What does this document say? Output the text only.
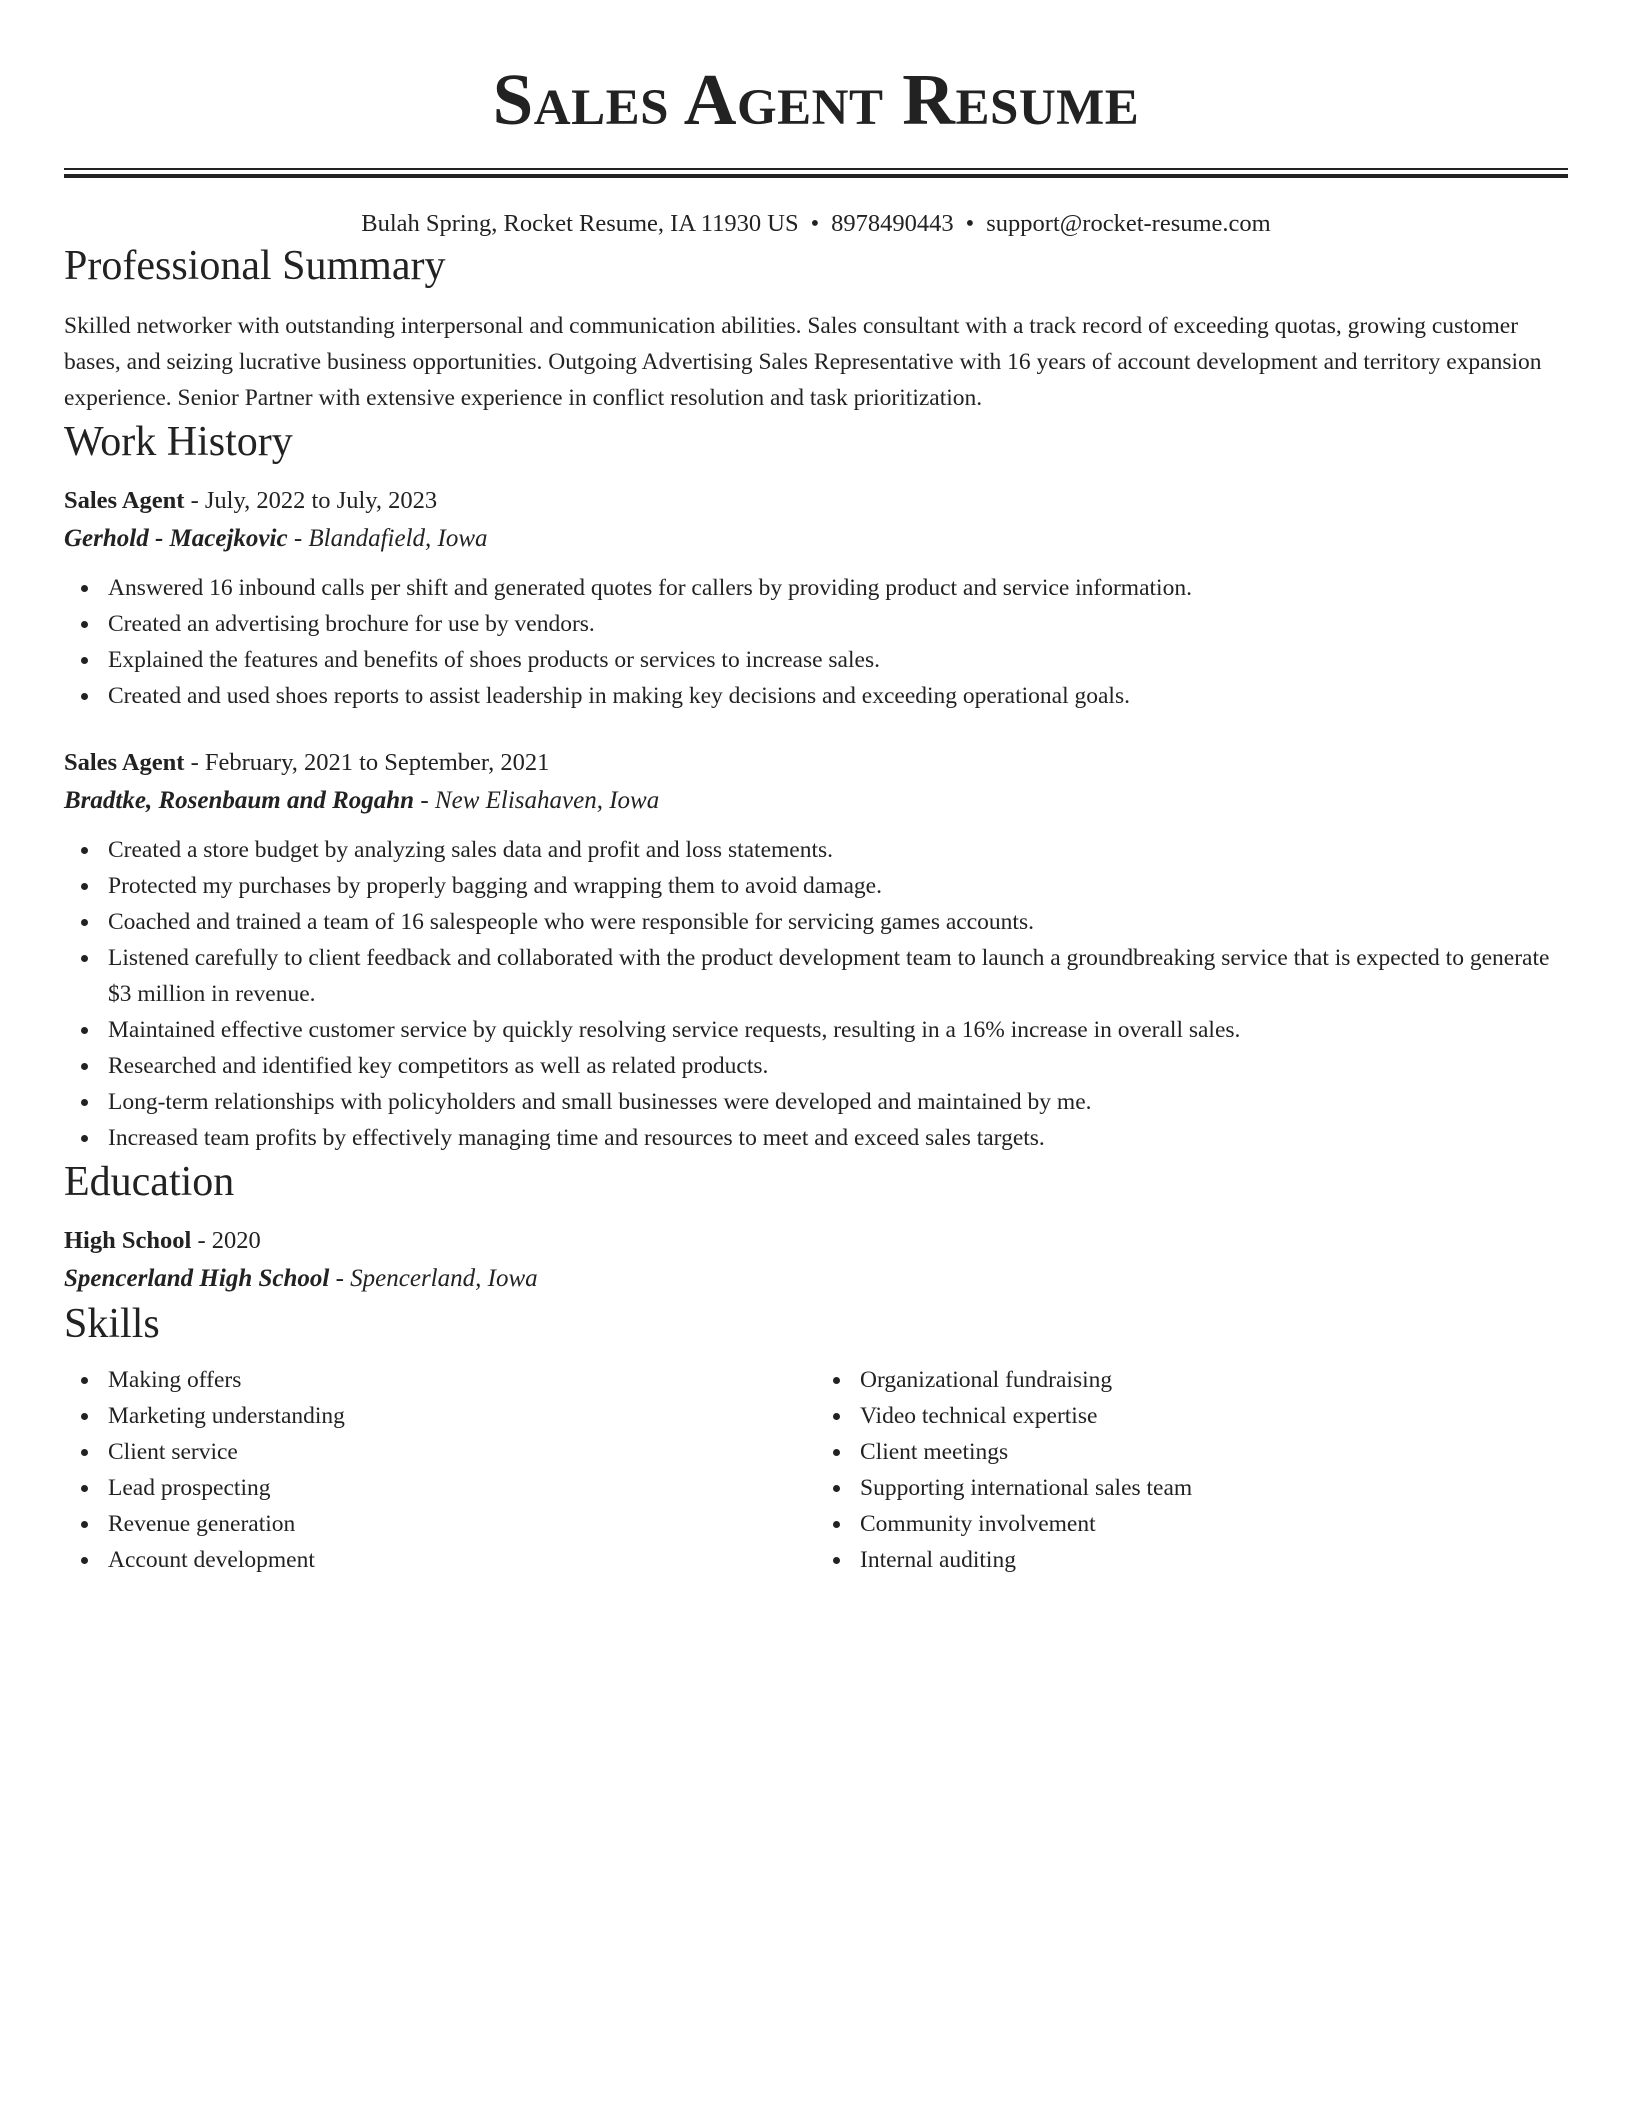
Sales Agent Resume
Bulah Spring, Rocket Resume, IA 11930 US • 8978490443 • support@rocket-resume.com
Professional Summary

Skilled networker with outstanding interpersonal and communication abilities. Sales consultant with a track record of exceeding quotas, growing customer bases, and seizing lucrative business opportunities. Outgoing Advertising Sales Representative with 16 years of account development and territory expansion experience. Senior Partner with extensive experience in conflict resolution and task prioritization.

Work History
Sales Agent - July, 2022 to July, 2023
Gerhold - Macejkovic - Blandafield, Iowa
Answered 16 inbound calls per shift and generated quotes for callers by providing product and service information.
Created an advertising brochure for use by vendors.
Explained the features and benefits of shoes products or services to increase sales.
Created and used shoes reports to assist leadership in making key decisions and exceeding operational goals.
Sales Agent - February, 2021 to September, 2021
Bradtke, Rosenbaum and Rogahn - New Elisahaven, Iowa
Created a store budget by analyzing sales data and profit and loss statements.
Protected my purchases by properly bagging and wrapping them to avoid damage.
Coached and trained a team of 16 salespeople who were responsible for servicing games accounts.
Listened carefully to client feedback and collaborated with the product development team to launch a groundbreaking service that is expected to generate $3 million in revenue.
Maintained effective customer service by quickly resolving service requests, resulting in a 16% increase in overall sales.
Researched and identified key competitors as well as related products.
Long-term relationships with policyholders and small businesses were developed and maintained by me.
Increased team profits by effectively managing time and resources to meet and exceed sales targets.
Education
High School - 2020
Spencerland High School - Spencerland, Iowa
Skills
Making offers
Marketing understanding
Client service
Lead prospecting
Revenue generation
Account development
Organizational fundraising
Video technical expertise
Client meetings
Supporting international sales team
Community involvement
Internal auditing
